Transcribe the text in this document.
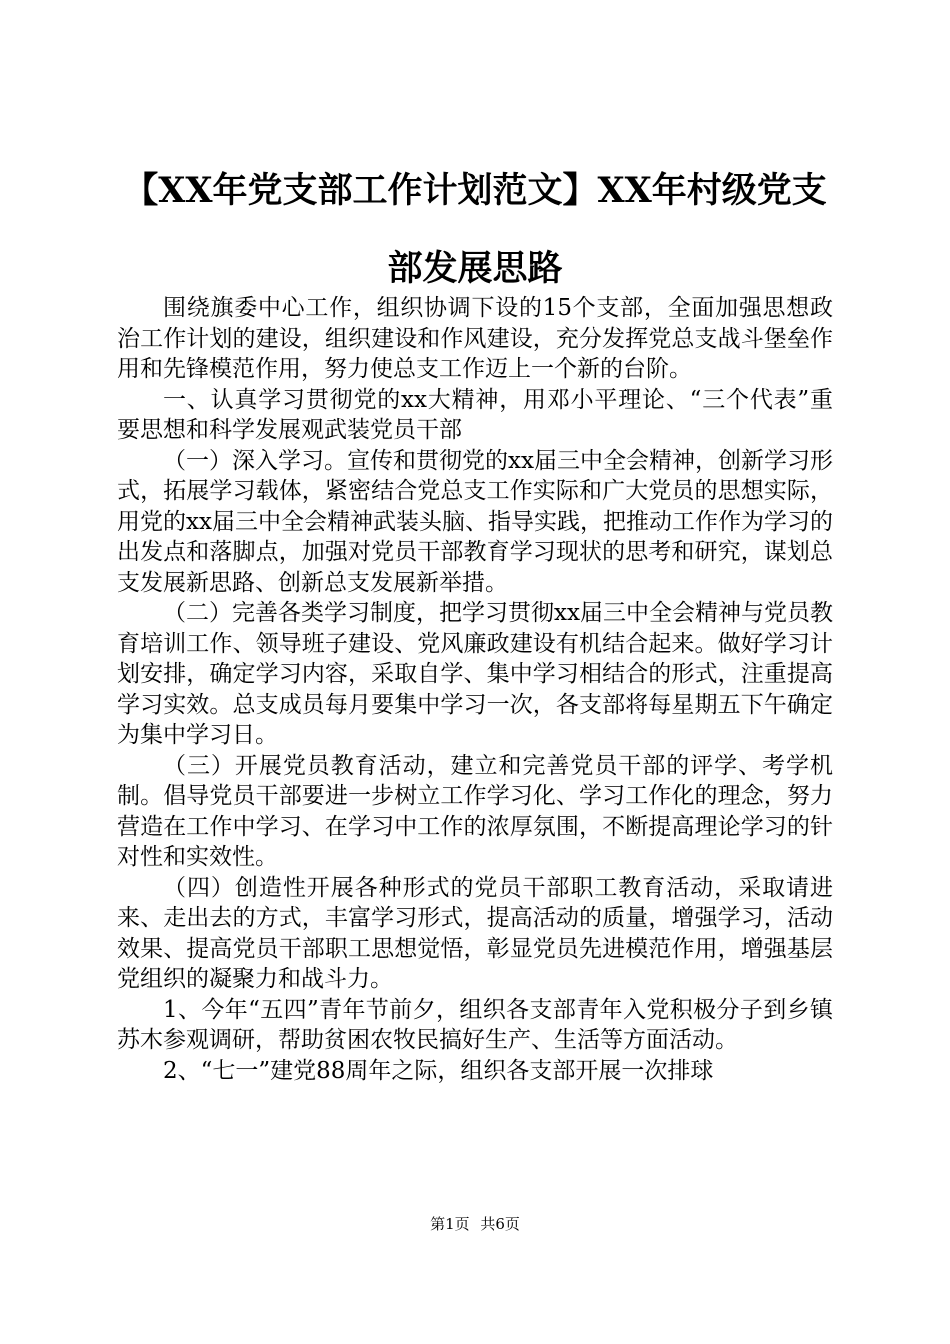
【XX年党支部工作计划范文】XX年村级党支部发展思路

围绕旗委中心工作，组织协调下设的15个支部，全面加强思想政治工作计划的建设，组织建设和作风建设，充分发挥党总支战斗堡垒作用和先锋模范作用，努力使总支工作迈上一个新的台阶。

一、认真学习贯彻党的xx大精神，用邓小平理论、“三个代表”重要思想和科学发展观武装党员干部

（一）深入学习。宣传和贯彻党的xx届三中全会精神，创新学习形式，拓展学习载体，紧密结合党总支工作实际和广大党员的思想实际，用党的xx届三中全会精神武装头脑、指导实践，把推动工作作为学习的出发点和落脚点，加强对党员干部教育学习现状的思考和研究，谋划总支发展新思路、创新总支发展新举措。

（二）完善各类学习制度，把学习贯彻xx届三中全会精神与党员教育培训工作、领导班子建设、党风廉政建设有机结合起来。做好学习计划安排，确定学习内容，采取自学、集中学习相结合的形式，注重提高学习实效。总支成员每月要集中学习一次，各支部将每星期五下午确定为集中学习日。

（三）开展党员教育活动，建立和完善党员干部的评学、考学机制。倡导党员干部要进一步树立工作学习化、学习工作化的理念，努力营造在工作中学习、在学习中工作的浓厚氛围，不断提高理论学习的针对性和实效性。

（四）创造性开展各种形式的党员干部职工教育活动，采取请进来、走出去的方式，丰富学习形式，提高活动的质量，增强学习，活动效果、提高党员干部职工思想觉悟，彰显党员先进模范作用，增强基层党组织的凝聚力和战斗力。

1、今年“五四”青年节前夕，组织各支部青年入党积极分子到乡镇苏木参观调研，帮助贫困农牧民搞好生产、生活等方面活动。

2、“七一”建党88周年之际，组织各支部开展一次排球

第1页 共6页
